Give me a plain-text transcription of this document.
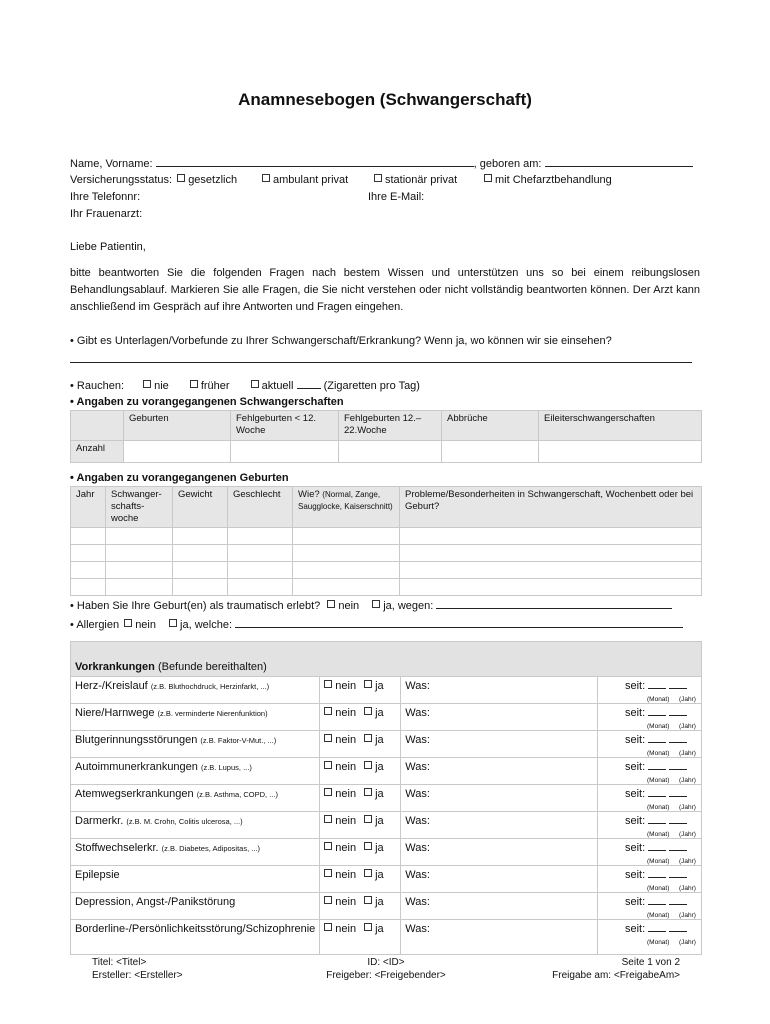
Anamnesebogen (Schwangerschaft)
Name, Vorname:	, geboren am:
Versicherungsstatus: gesetzlich	ambulant privat	stationär privat	mit Chefarztbehandlung
Ihre Telefonnr:	Ihre E-Mail:
Ihr Frauenarzt:
Liebe Patientin,
bitte beantworten Sie die folgenden Fragen nach bestem Wissen und unterstützen uns so bei einem reibungslosen Behandlungsablauf. Markieren Sie alle Fragen, die Sie nicht verstehen oder nicht vollständig beantworten können. Der Arzt kann anschließend im Gespräch auf ihre Antworten und Fragen eingehen.
• Gibt es Unterlagen/Vorbefunde zu Ihrer Schwangerschaft/Erkrankung? Wenn ja, wo können wir sie einsehen?
• Rauchen:	nie	früher	aktuell	(Zigaretten pro Tag)
• Angaben zu vorangegangenen Schwangerschaften
	Geburten	Fehlgeburten < 12. Woche	Fehlgeburten 12.– 22.Woche	Abbrüche	Eileiterschwangerschaften
Anzahl					
• Angaben zu vorangegangenen Geburten
Jahr	Schwanger-schafts-woche	Gewicht	Geschlecht	Wie? (Normal, Zange, Saugglocke, Kaiserschnitt)	Probleme/Besonderheiten in Schwangerschaft, Wochenbett oder bei Geburt?

• Haben Sie Ihre Geburt(en) als traumatisch erlebt? nein ja, wegen:
• Allergien nein ja, welche:
Vorkrankungen (Befunde bereithalten)			
Herz-/Kreislauf (z.B. Bluthochdruck, Herzinfarkt, ...)	nein ja	Was:	seit:
(Monat) (Jahr)

Niere/Harnwege (z.B. verminderte Nierenfunktion)	nein ja	Was:	seit:
(Monat) (Jahr)

Blutgerinnungsstörungen (z.B. Faktor-V-Mut., ...)	nein ja	Was:	seit:
(Monat) (Jahr)

Autoimmunerkrankungen (z.B. Lupus, ...)	nein ja	Was:	seit:
(Monat) (Jahr)

Atemwegserkrankungen (z.B. Asthma, COPD, ...)	nein ja	Was:	seit:
(Monat) (Jahr)

Darmerkr. (z.B. M. Crohn, Colitis ulcerosa, ...)	nein ja	Was:	seit:
(Monat) (Jahr)

Stoffwechselerkr. (z.B. Diabetes, Adipositas, ...)	nein ja	Was:	seit:
(Monat) (Jahr)

Epilepsie	nein ja	Was:	seit:
(Monat) (Jahr)

Depression, Angst-/Panikstörung	nein ja	Was:	seit:
(Monat) (Jahr)

Borderline-/Persönlichkeitsstörung/Schizophrenie	nein ja	Was:	seit:
(Monat) (Jahr)
Titel: <Titel>
Ersteller: <Ersteller>
ID: <ID>
Freigeber: <Freigebender>
Seite 1 von 2
Freigabe am: <FreigabeAm>
